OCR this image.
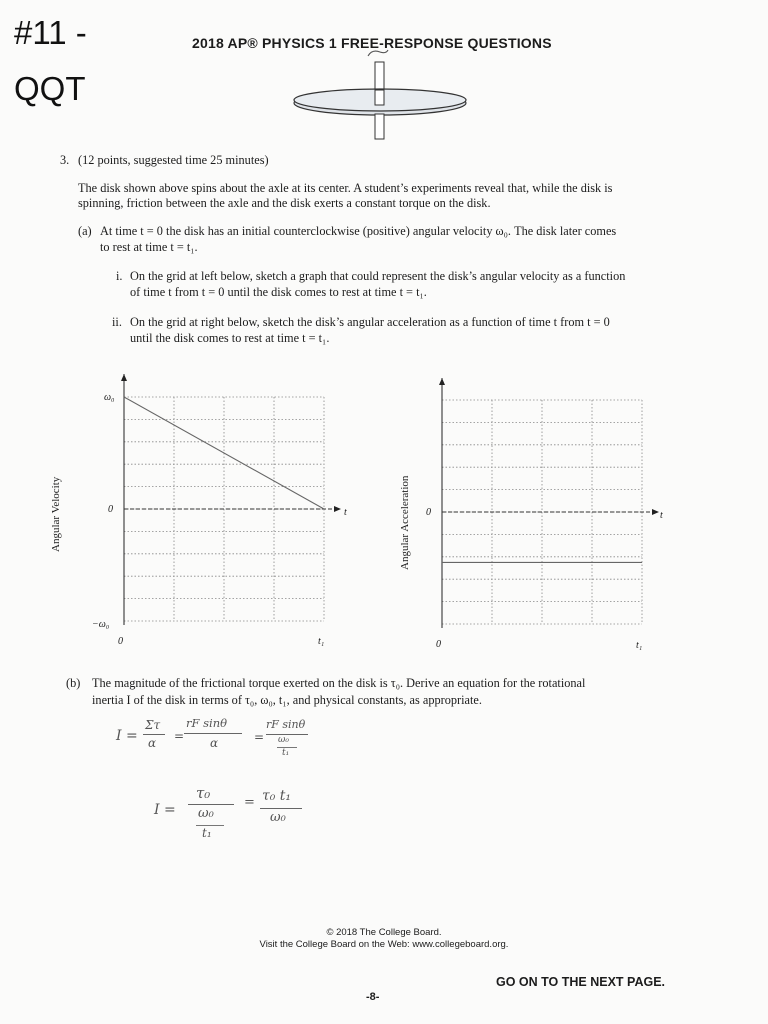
#11 -
QQT
2018 AP® PHYSICS 1 FREE-RESPONSE QUESTIONS
3. (12 points, suggested time 25 minutes)
The disk shown above spins about the axle at its center. A student’s experiments reveal that, while the disk is
spinning, friction between the axle and the disk exerts a constant torque on the disk.
(a) At time t = 0 the disk has an initial counterclockwise (positive) angular velocity ω₀. The disk later comes
to rest at time t = t₁.
i. On the grid at left below, sketch a graph that could represent the disk’s angular velocity as a function
of time t from t = 0 until the disk comes to rest at time t = t₁.
ii. On the grid at right below, sketch the disk’s angular acceleration as a function of time t from t = 0
until the disk comes to rest at time t = t₁.
Angular Velocity
ω₀
0
−ω₀
0	t₁
t	Angular Acceleration 0
0	t₁
t
(b) The magnitude of the frictional torque exerted on the disk is τ₀. Derive an equation for the rotational
inertia I of the disk in terms of τ₀, ω₀, t₁, and physical constants, as appropriate.
I =
Στ
α =
rF sinθ
α	=
rF sinθ
ω₀
t₁
I =
τ₀
ω₀
t₁
= τ₀ t₁
ω₀
© 2018 The College Board.
Visit the College Board on the Web: www.collegeboard.org.
GO ON TO THE NEXT PAGE.
-8-
